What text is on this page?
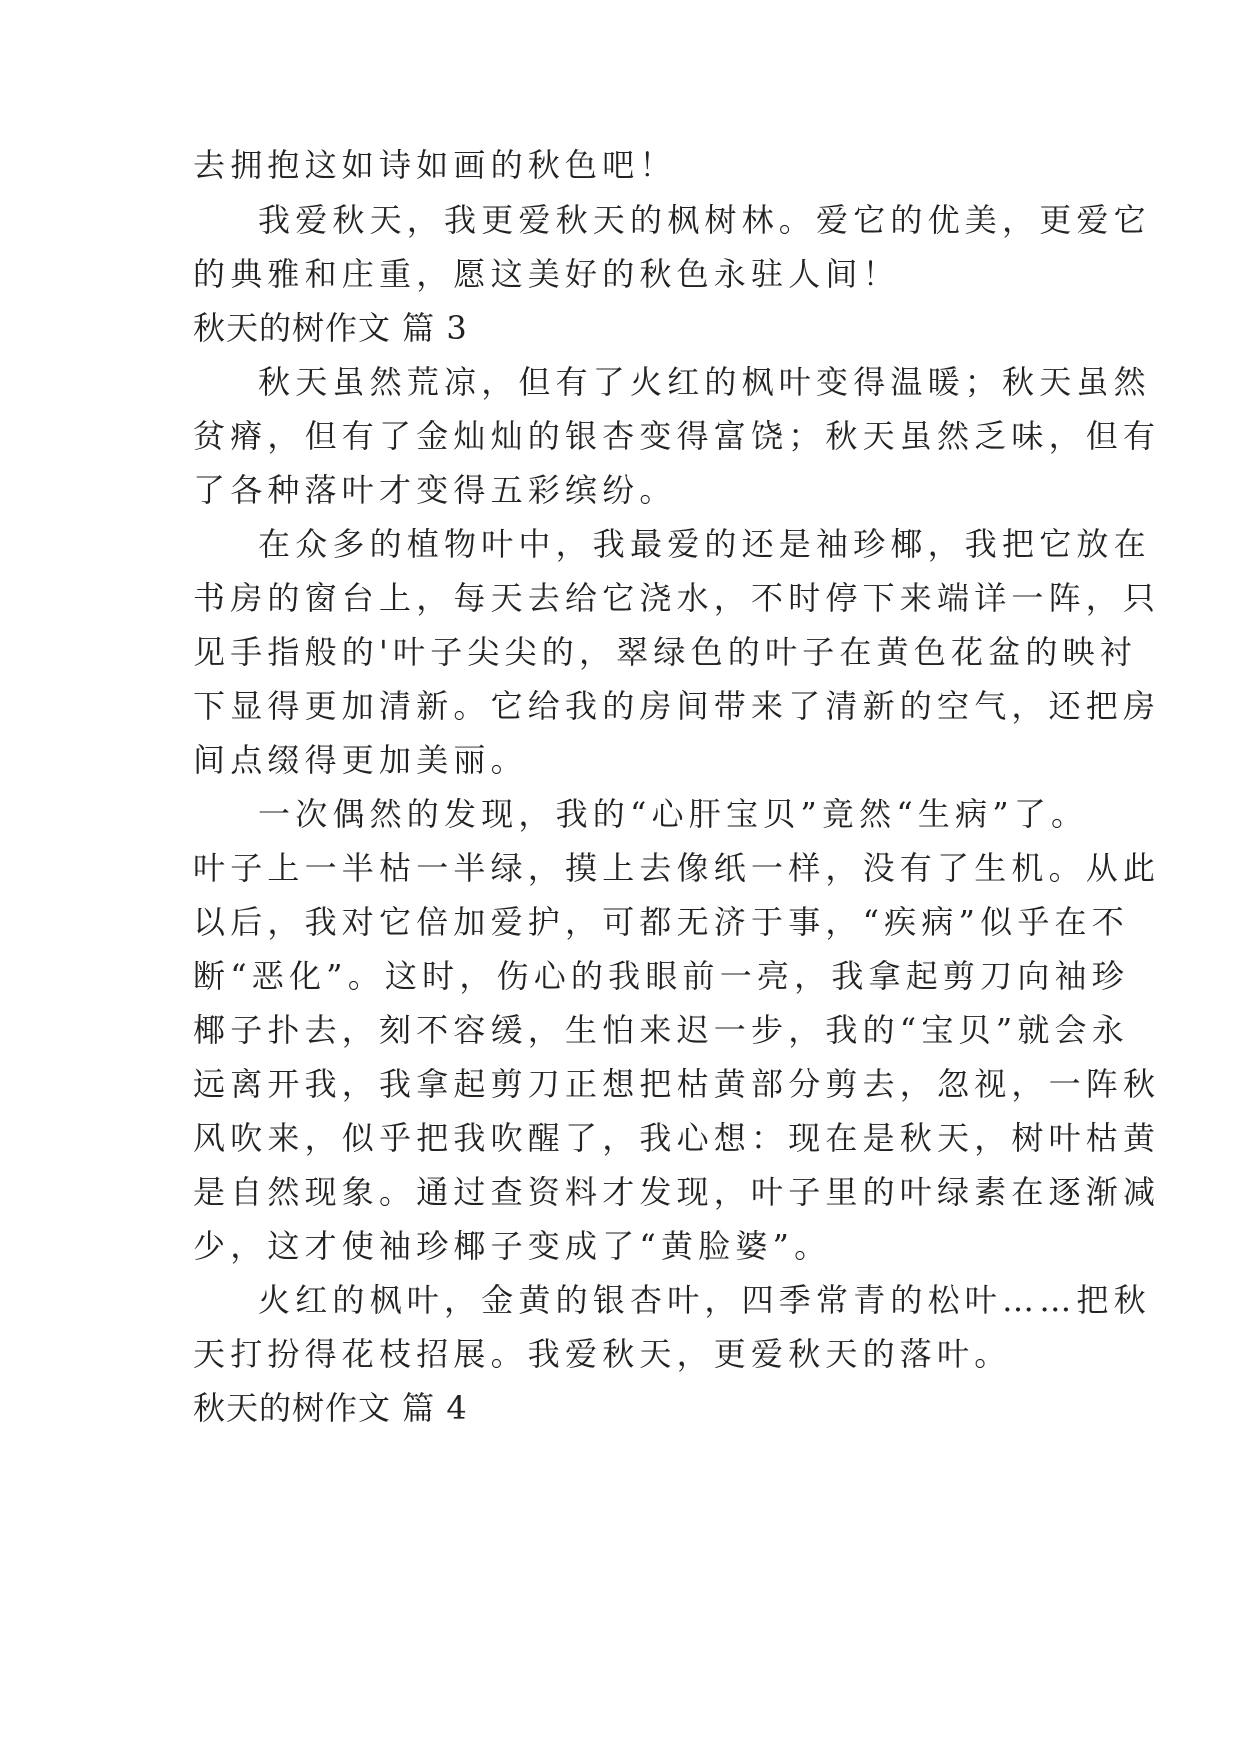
去拥抱这如诗如画的秋色吧！
我爱秋天，我更爱秋天的枫树林。爱它的优美，更爱它
的典雅和庄重，愿这美好的秋色永驻人间！
秋天的树作文 篇 3
秋天虽然荒凉，但有了火红的枫叶变得温暖；秋天虽然
贫瘠，但有了金灿灿的银杏变得富饶；秋天虽然乏味，但有
了各种落叶才变得五彩缤纷。
在众多的植物叶中，我最爱的还是袖珍椰，我把它放在
书房的窗台上，每天去给它浇水，不时停下来端详一阵，只
见手指般的'叶子尖尖的，翠绿色的叶子在黄色花盆的映衬
下显得更加清新。它给我的房间带来了清新的空气，还把房
间点缀得更加美丽。
一次偶然的发现，我的“心肝宝贝”竟然“生病”了。
叶子上一半枯一半绿，摸上去像纸一样，没有了生机。从此
以后，我对它倍加爱护，可都无济于事，“疾病”似乎在不
断“恶化”。这时，伤心的我眼前一亮，我拿起剪刀向袖珍
椰子扑去，刻不容缓，生怕来迟一步，我的“宝贝”就会永
远离开我，我拿起剪刀正想把枯黄部分剪去，忽视，一阵秋
风吹来，似乎把我吹醒了，我心想：现在是秋天，树叶枯黄
是自然现象。通过查资料才发现，叶子里的叶绿素在逐渐减
少，这才使袖珍椰子变成了“黄脸婆”。
火红的枫叶，金黄的银杏叶，四季常青的松叶……把秋
天打扮得花枝招展。我爱秋天，更爱秋天的落叶。
秋天的树作文 篇 4
